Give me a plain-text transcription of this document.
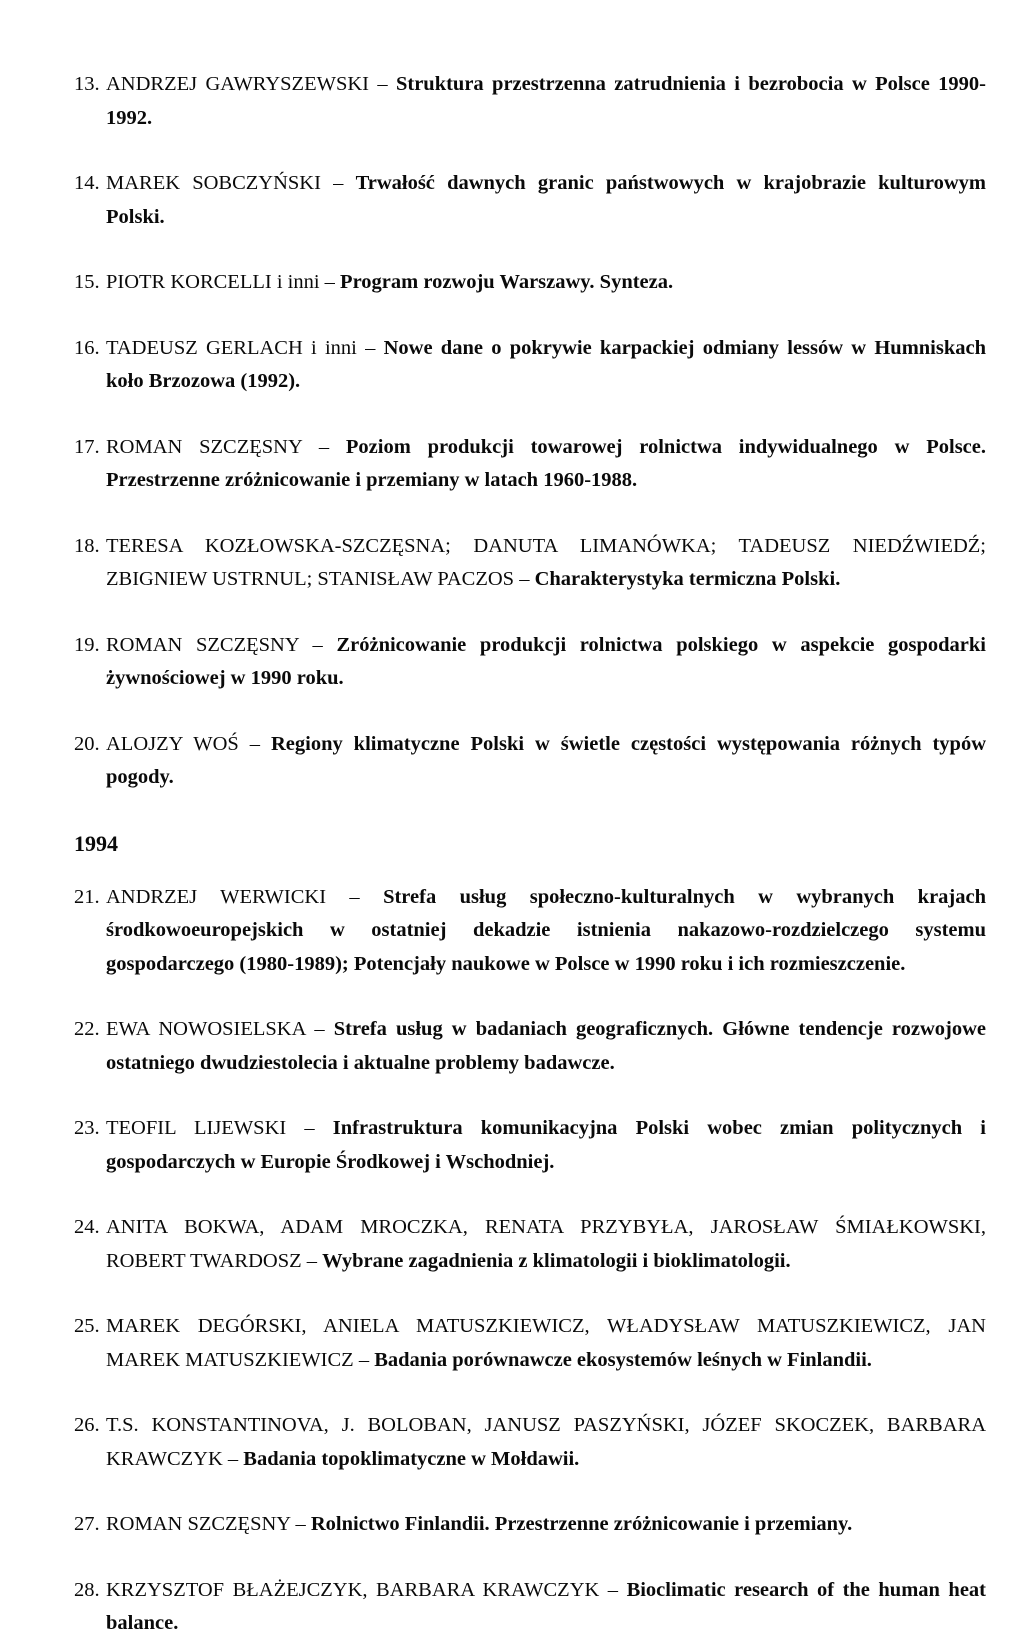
13. ANDRZEJ GAWRYSZEWSKI – Struktura przestrzenna zatrudnienia i bezrobocia w Polsce 1990-1992.
14. MAREK SOBCZYŃSKI – Trwałość dawnych granic państwowych w krajobrazie kulturowym Polski.
15. PIOTR KORCELLI i inni – Program rozwoju Warszawy. Synteza.
16. TADEUSZ GERLACH i inni – Nowe dane o pokrywie karpackiej odmiany lessów w Humniskach koło Brzozowa (1992).
17. ROMAN SZCZĘSNY – Poziom produkcji towarowej rolnictwa indywidualnego w Polsce. Przestrzenne zróżnicowanie i przemiany w latach 1960-1988.
18. TERESA KOZŁOWSKA-SZCZĘSNA; DANUTA LIMANÓWKA; TADEUSZ NIEDŹWIEDŹ; ZBIGNIEW USTRNUL; STANISŁAW PACZOS – Charakterystyka termiczna Polski.
19. ROMAN SZCZĘSNY – Zróżnicowanie produkcji rolnictwa polskiego w aspekcie gospodarki żywnościowej w 1990 roku.
20. ALOJZY WOŚ – Regiony klimatyczne Polski w świetle częstości występowania różnych typów pogody.
1994
21. ANDRZEJ WERWICKI – Strefa usług społeczno-kulturalnych w wybranych krajach środkowoeuropejskich w ostatniej dekadzie istnienia nakazowo-rozdzielczego systemu gospodarczego (1980-1989); Potencjały naukowe w Polsce w 1990 roku i ich rozmieszczenie.
22. EWA NOWOSIELSKA – Strefa usług w badaniach geograficznych. Główne tendencje rozwojowe ostatniego dwudziestolecia i aktualne problemy badawcze.
23. TEOFIL LIJEWSKI – Infrastruktura komunikacyjna Polski wobec zmian politycznych i gospodarczych w Europie Środkowej i Wschodniej.
24. ANITA BOKWA, ADAM MROCZKA, RENATA PRZYBYŁA, JAROSŁAW ŚMIAŁKOWSKI, ROBERT TWARDOSZ – Wybrane zagadnienia z klimatologii i bioklimatologii.
25. MAREK DEGÓRSKI, ANIELA MATUSZKIEWICZ, WŁADYSŁAW MATUSZKIEWICZ, JAN MAREK MATUSZKIEWICZ – Badania porównawcze ekosystemów leśnych w Finlandii.
26. T.S. KONSTANTINOVA, J. BOLOBAN, JANUSZ PASZYŃSKI, JÓZEF SKOCZEK, BARBARA KRAWCZYK – Badania topoklimatyczne w Mołdawii.
27. ROMAN SZCZĘSNY – Rolnictwo Finlandii. Przestrzenne zróżnicowanie i przemiany.
28. KRZYSZTOF BŁAŻEJCZYK, BARBARA KRAWCZYK – Bioclimatic research of the human heat balance.
